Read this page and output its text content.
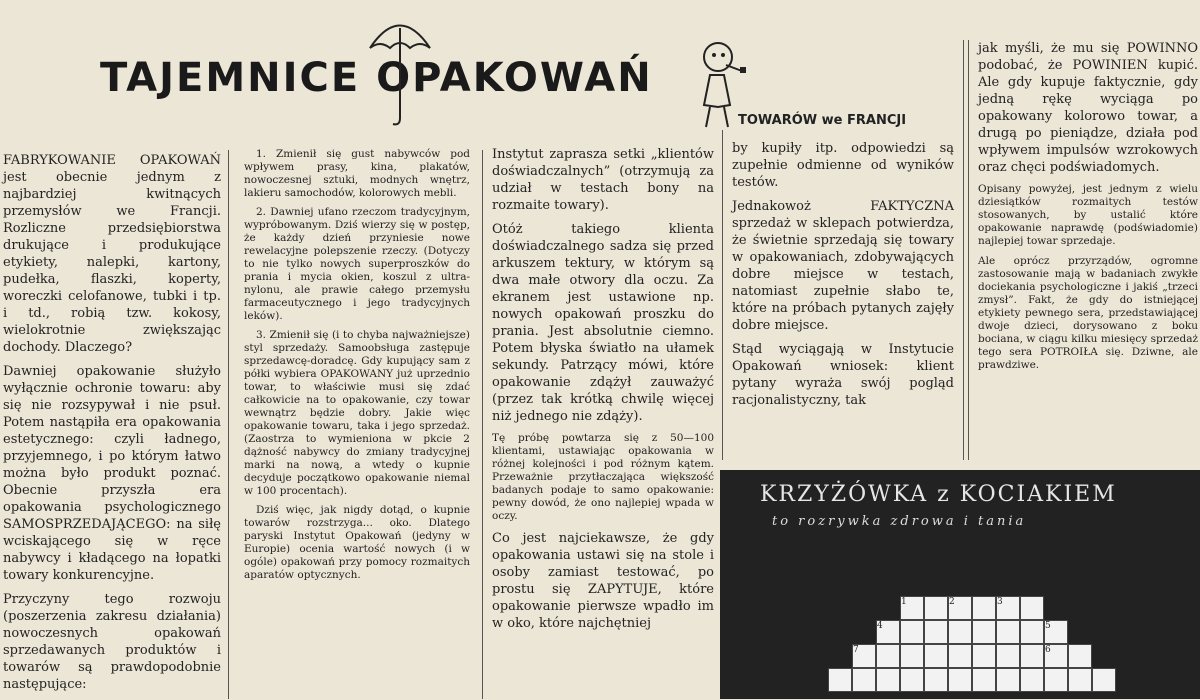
TAJEMNICE OPAKOWAŃ
TOWARÓW we FRANCJI

FABRYKOWANIE OPAKOWAŃ jest obecnie jednym z najbardziej kwitnących przemysłów we Francji. Rozliczne przedsiębiorstwa drukujące i produkujące etykiety, nalepki, kartony, pudełka, flaszki, koperty, woreczki celofanowe, tubki i tp. i td., robią tzw. kokosy, wielokrotnie zwiększając dochody. Dlaczego?

Dawniej opakowanie służyło wyłącznie ochronie towaru: aby się nie rozsypywał i nie psuł. Potem nastąpiła era opakowania estetycznego: czyli ładnego, przyjemnego, i po którym łatwo można było produkt poznać. Obecnie przyszła era opakowania psychologicznego SAMOSPRZEDAJĄCEGO: na siłę wciskającego się w ręce nabywcy i kładącego na łopatki towary konkurencyjne.

Przyczyny tego rozwoju (poszerzenia zakresu działania) nowoczesnych opakowań sprzedawanych produktów i towarów są prawdopodobnie następujące:

1. Zmienił się gust nabywców pod wpływem prasy, kina, plakatów, nowoczesnej sztuki, modnych wnętrz, lakieru samochodów, kolorowych mebli.

2. Dawniej ufano rzeczom tradycyjnym, wypróbowanym. Dziś wierzy się w postęp, że każdy dzień przyniesie nowe rewelacyjne polepszenie rzeczy. (Dotyczy to nie tylko nowych superproszków do prania i mycia okien, koszul z ultra-nylonu, ale prawie całego przemysłu farmaceutycznego i jego tradycyjnych leków).

3. Zmienił się (i to chyba najważniejsze) styl sprzedaży. Samoobsługa zastępuje sprzedawcę-doradcę. Gdy kupujący sam z półki wybiera OPAKOWANY już uprzednio towar, to właściwie musi się zdać całkowicie na to opakowanie, czy towar wewnątrz będzie dobry. Jakie więc opakowanie towaru, taka i jego sprzedaż. (Zaostrza to wymieniona w pkcie 2 dążność nabywcy do zmiany tradycyjnej marki na nową, a wtedy o kupnie decyduje początkowo opakowanie niemal w 100 procentach).

Dziś więc, jak nigdy dotąd, o kupnie towarów rozstrzyga... oko. Dlatego paryski Instytut Opakowań (jedyny w Europie) ocenia wartość nowych (i w ogóle) opakowań przy pomocy rozmaitych aparatów optycznych.

Instytut zaprasza setki „klientów doświadczalnych” (otrzymują za udział w testach bony na rozmaite towary).

Otóż takiego klienta doświadczalnego sadza się przed arkuszem tektury, w którym są dwa małe otwory dla oczu. Za ekranem jest ustawione np. nowych opakowań proszku do prania. Jest absolutnie ciemno. Potem błyska światło na ułamek sekundy. Patrzący mówi, które opakowanie zdążył zauważyć (przez tak krótką chwilę więcej niż jednego nie zdąży).

Tę próbę powtarza się z 50—100 klientami, ustawiając opakowania w różnej kolejności i pod różnym kątem. Przeważnie przytłaczająca większość badanych podaje to samo opakowanie: pewny dowód, że ono najlepiej wpada w oczy.

Co jest najciekawsze, że gdy opakowania ustawi się na stole i osoby zamiast testować, po prostu się ZAPYTUJE, które opakowanie pierwsze wpadło im w oko, które najchętniej

by kupiły itp. odpowiedzi są zupełnie odmienne od wyników testów.

Jednakowoż FAKTYCZNA sprzedaż w sklepach potwierdza, że świetnie sprzedają się towary w opakowaniach, zdobywających dobre miejsce w testach, natomiast zupełnie słabo te, które na próbach pytanych zajęły dobre miejsce.

Stąd wyciągają w Instytucie Opakowań wniosek: klient pytany wyraża swój pogląd racjonalistyczny, tak

jak myśli, że mu się POWINNO podobać, że POWINIEN kupić. Ale gdy kupuje faktycznie, gdy jedną rękę wyciąga po opakowany kolorowo towar, a drugą po pieniądze, działa pod wpływem impulsów wzrokowych oraz chęci podświadomych.

Opisany powyżej, jest jednym z wielu dziesiątków rozmaitych testów stosowanych, by ustalić które opakowanie naprawdę (podświadomie) najlepiej towar sprzedaje.

Ale oprócz przyrządów, ogromne zastosowanie mają w badaniach zwykłe dociekania psychologiczne i jakiś „trzeci zmysł”. Fakt, że gdy do istniejącej etykiety pewnego sera, przedstawiającej dwoje dzieci, dorysowano z boku bociana, w ciągu kilku miesięcy sprzedaż tego sera POTROIŁA się. Dziwne, ale prawdziwe.

KRZYŻÓWKA z KOCIAKIEM
to rozrywka zdrowa i tania
1	2	3
4	5
7	6
